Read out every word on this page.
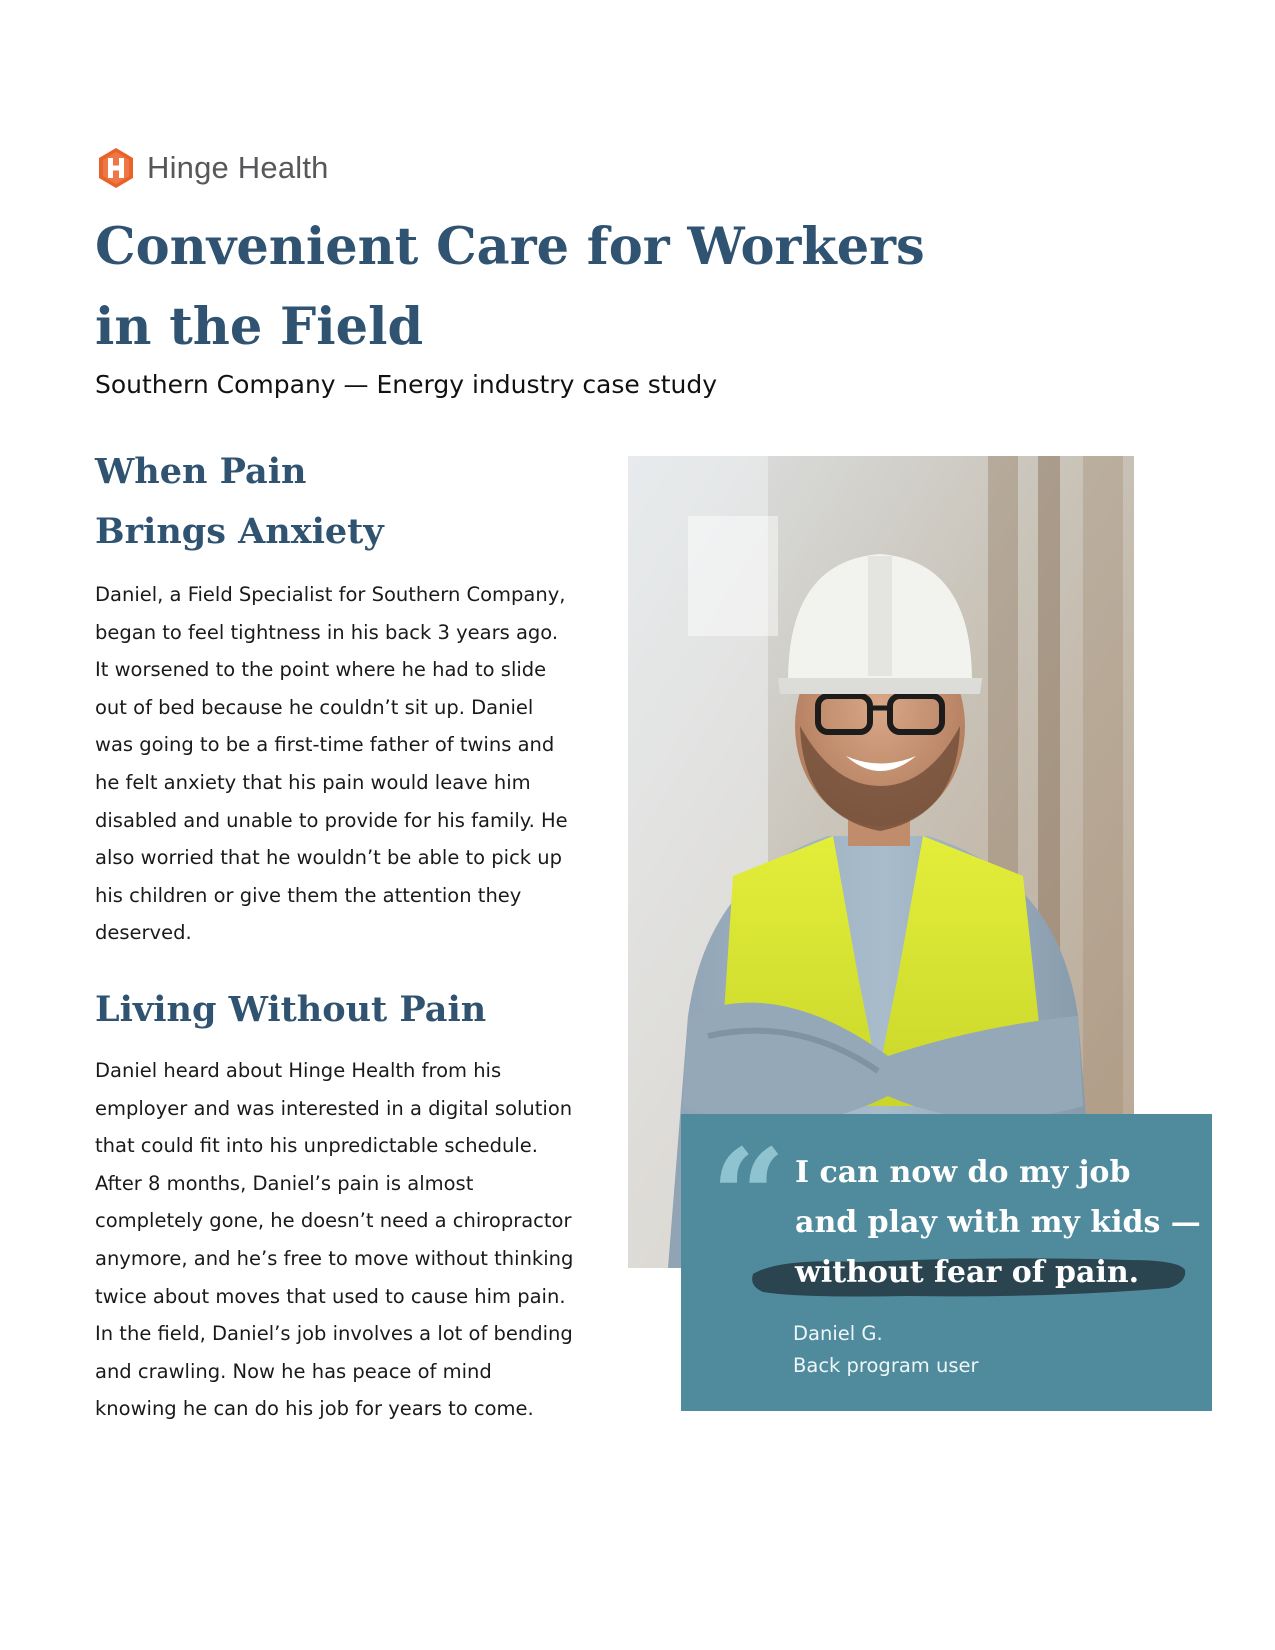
Hinge Health
Convenient Care for Workers
in the Field

Southern Company — Energy industry case study

When Pain
Brings Anxiety

Daniel, a Field Specialist for Southern Company, began to feel tightness in his back 3 years ago. It worsened to the point where he had to slide out of bed because he couldn’t sit up. Daniel was going to be a first-time father of twins and he felt anxiety that his pain would leave him disabled and unable to provide for his family. He also worried that he wouldn’t be able to pick up his children or give them the attention they deserved.

Living Without Pain

Daniel heard about Hinge Health from his employer and was interested in a digital solution that could fit into his unpredictable schedule. After 8 months, Daniel’s pain is almost completely gone, he doesn’t need a chiropractor anymore, and he’s free to move without thinking twice about moves that used to cause him pain. In the field, Daniel’s job involves a lot of bending and crawling. Now he has peace of mind knowing he can do his job for years to come.

“ I can now do my job
and play with my kids —
without fear of pain.

Daniel G.
Back program user
